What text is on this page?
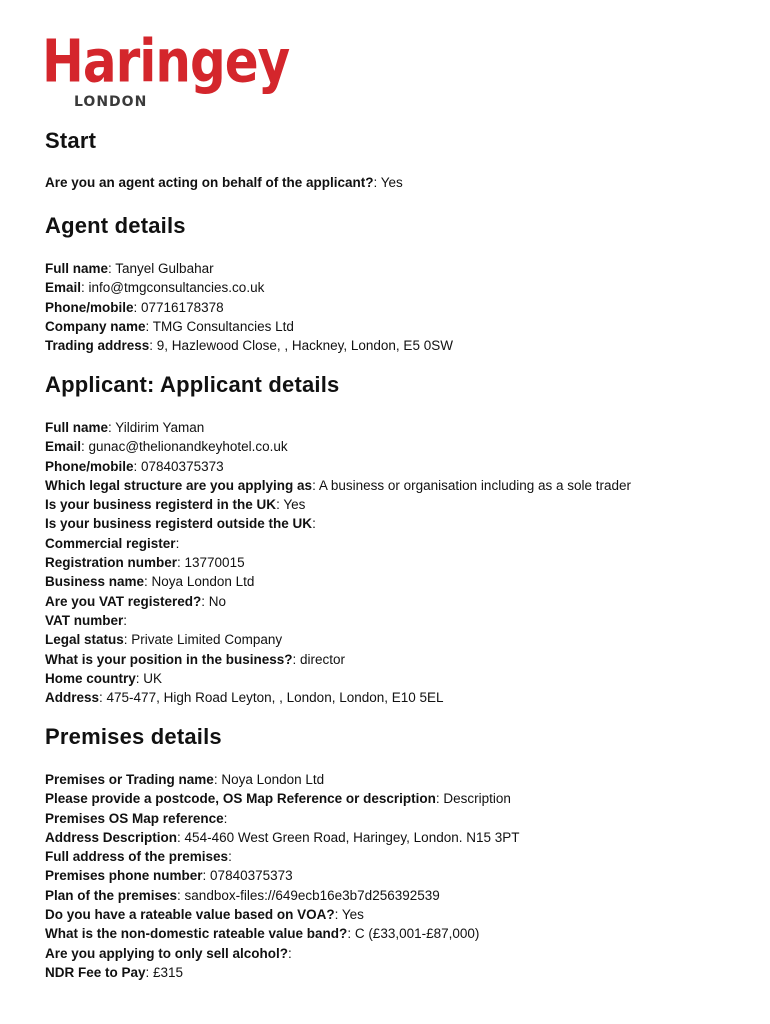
Haringey
LONDON
Start
Are you an agent acting on behalf of the applicant?: Yes
Agent details
Full name: Tanyel Gulbahar
Email: info@tmgconsultancies.co.uk
Phone/mobile: 07716178378
Company name: TMG Consultancies Ltd
Trading address: 9, Hazlewood Close, , Hackney, London, E5 0SW
Applicant: Applicant details
Full name: Yildirim Yaman
Email: gunac@thelionandkeyhotel.co.uk
Phone/mobile: 07840375373
Which legal structure are you applying as: A business or organisation including as a sole trader
Is your business registerd in the UK: Yes
Is your business registerd outside the UK:
Commercial register:
Registration number: 13770015
Business name: Noya London Ltd
Are you VAT registered?: No
VAT number:
Legal status: Private Limited Company
What is your position in the business?: director
Home country: UK
Address: 475-477, High Road Leyton, , London, London, E10 5EL
Premises details
Premises or Trading name: Noya London Ltd
Please provide a postcode, OS Map Reference or description: Description
Premises OS Map reference:
Address Description: 454-460 West Green Road, Haringey, London. N15 3PT
Full address of the premises:
Premises phone number: 07840375373
Plan of the premises: sandbox-files://649ecb16e3b7d256392539
Do you have a rateable value based on VOA?: Yes
What is the non-domestic rateable value band?: C (£33,001-£87,000)
Are you applying to only sell alcohol?:
NDR Fee to Pay: £315
